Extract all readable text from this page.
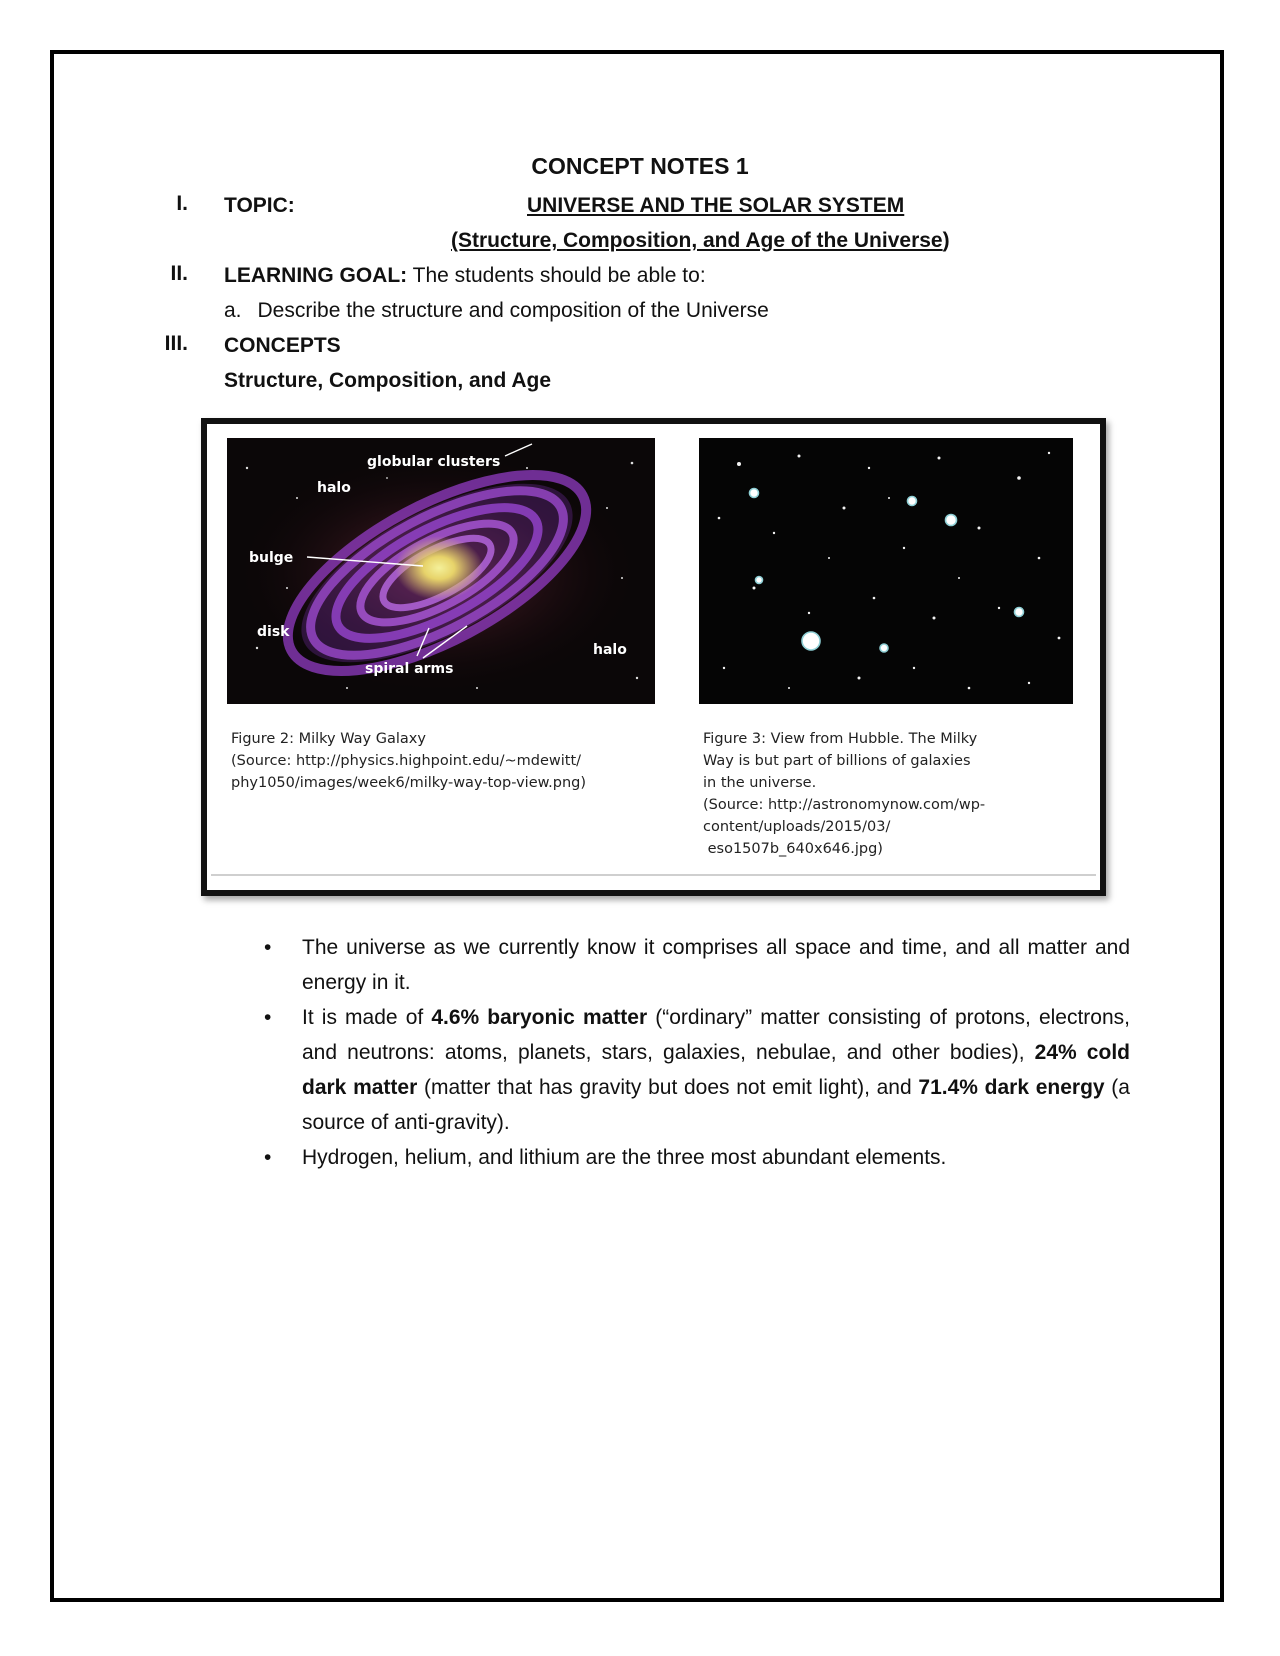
CONCEPT NOTES 1
I. TOPIC:	UNIVERSE AND THE SOLAR SYSTEM
(Structure, Composition, and Age of the Universe)
II. LEARNING GOAL: The students should be able to:
a. Describe the structure and composition of the Universe
III. CONCEPTS
Structure, Composition, and Age
globular clusters
halo
bulge
disk
spiral arms
halo
Figure 2: Milky Way Galaxy
(Source: http://physics.highpoint.edu/~mdewitt/
phy1050/images/week6/milky-way-top-view.png)
Figure 3: View from Hubble. The Milky
Way is but part of billions of galaxies
in the universe.
(Source: http://astronomynow.com/wp-
content/uploads/2015/03/
eso1507b_640x646.jpg)

• The universe as we currently know it comprises all space and time, and all matter and energy in it.

• It is made of 4.6% baryonic matter (“ordinary” matter consisting of protons, electrons, and neutrons: atoms, planets, stars, galaxies, nebulae, and other bodies), 24% cold dark matter (matter that has gravity but does not emit light), and 71.4% dark energy (a source of anti-gravity).

• Hydrogen, helium, and lithium are the three most abundant elements.
